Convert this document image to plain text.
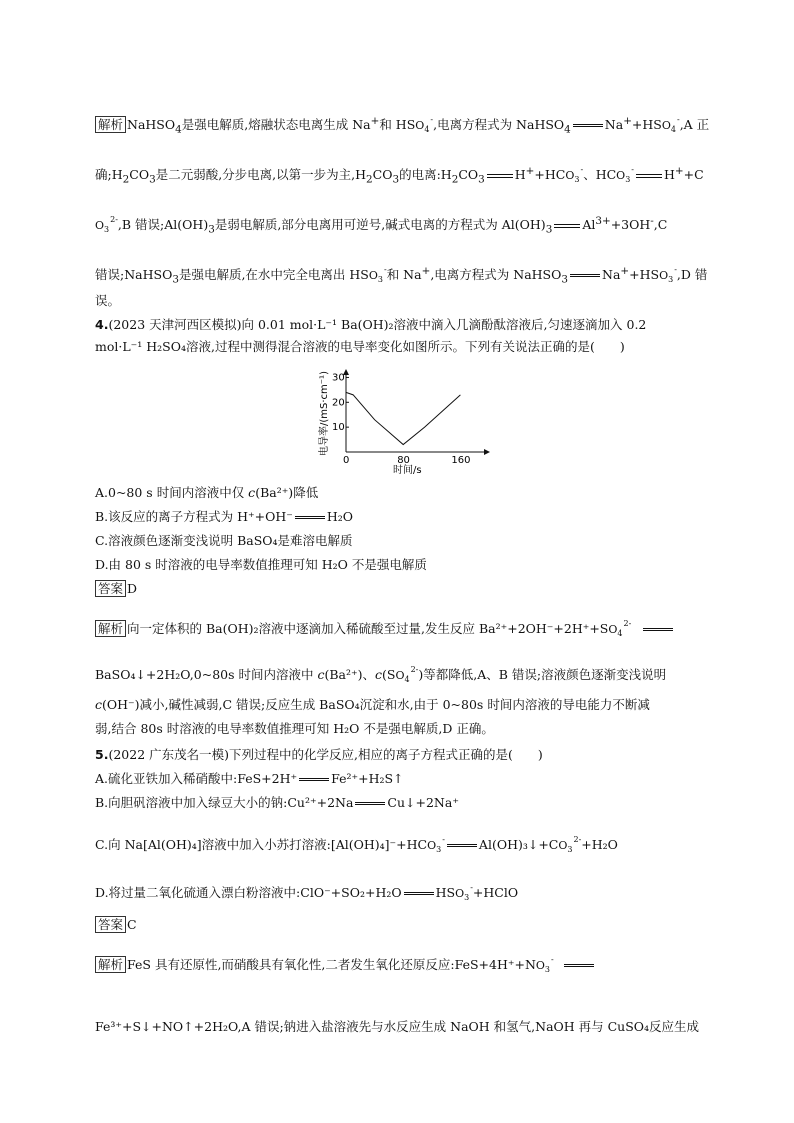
解析 NaHSO$_4$是强电解质,熔融状态电离生成 Na+和 $HSO_4^-$,电离方程式为 NaHSO$_4$	$Na^++HSO_4^-,A$ 正
确$;H_2CO_3$是二元弱酸,分步电离,以第一步为主$,H_2CO_3$的电离$:H_2CO_3$ $H^++HCO_3^-$、$HCO_3^-$ H++C
$O_3^{2-},B$ 错误$;Al(OH)_3$是弱电解质,部分电离用可逆号,碱式电离的方程式为 $Al(OH)_3$ $Al^{3+}+3OH^-,C$
错误;NaHSO$_3$是强电解质,在水中完全电离出 $HSO_3^-$和 Na+,电离方程式为 NaHSO$_3$	$Na^++HSO_3^-,D$ 错
误。
4.(2023 天津河西区模拟)向 0.01 mol·L⁻¹ Ba(OH)₂溶液中滴入几滴酚酞溶液后,匀速逐滴加入 0.2
mol·L⁻¹ H₂SO₄溶液,过程中测得混合溶液的电导率变化如图所示。下列有关说法正确的是(　　)
电导率/(mS·cm⁻¹)
时间/s
0	80	160
10
20
30
A.0~80 s 时间内溶液中仅 c(Ba²⁺)降低
B.该反应的离子方程式为 H⁺+OH⁻	H₂O
C.溶液颜色逐渐变浅说明 BaSO₄是难溶电解质
D.由 80 s 时溶液的电导率数值推理可知 H₂O 不是强电解质
答案 D
解析 向一定体积的 Ba(OH)₂溶液中逐滴加入稀硫酸至过量,发生反应 $Ba^{2+}+2OH^-+2H^++SO_4^{2-}$
BaSO₄↓+2H₂O,0~80s 时间内溶液中 c(Ba²⁺)、$c(SO_4^{2-})$等都降低,A、B 错误;溶液颜色逐渐变浅说明
c(OH⁻)减小,碱性减弱,C 错误;反应生成 BaSO₄沉淀和水,由于 0~80s 时间内溶液的导电能力不断减
弱,结合 80s 时溶液的电导率数值推理可知 H₂O 不是强电解质,D 正确。
5.(2022 广东茂名一模)下列过程中的化学反应,相应的离子方程式正确的是(　　)
A.硫化亚铁加入稀硝酸中:FeS+2H⁺	Fe²⁺+H₂S↑
B.向胆矾溶液中加入绿豆大小的钠:Cu²⁺+2Na	Cu↓+2Na⁺
C.向 Na[Al(OH)₄]溶液中加入小苏打溶液$:[Al(OH)_4]^-+HCO_3^-$	$Al(OH)_3↓+CO_3^{2-}+H_2O$
D.将过量二氧化硫通入漂白粉溶液中:ClO⁻+SO₂+H₂O	$HSO_3^-+HClO$
答案 C
解析 FeS 具有还原性,而硝酸具有氧化性,二者发生氧化还原反应$:FeS+4H^++NO_3^-$
Fe³⁺+S↓+NO↑+2H₂O,A 错误;钠进入盐溶液先与水反应生成 NaOH 和氢气,NaOH 再与 CuSO₄反应生成
